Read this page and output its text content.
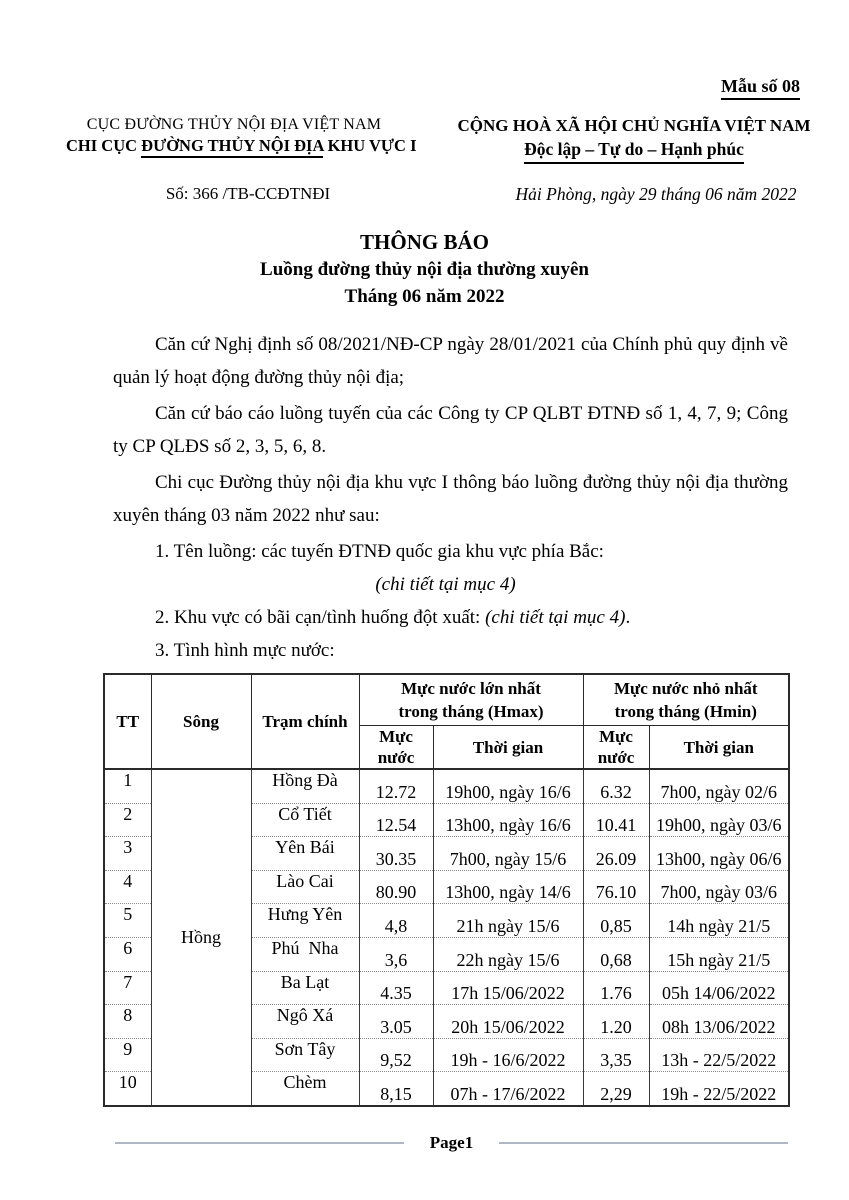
Mẫu số 08
CỤC ĐƯỜNG THỦY NỘI ĐỊA VIỆT NAM
CHI CỤC ĐƯỜNG THỦY NỘI ĐỊA KHU VỰC I
CỘNG HOÀ XÃ HỘI CHỦ NGHĨA VIỆT NAM
Độc lập – Tự do – Hạnh phúc
Số: 366 /TB-CCĐTNĐI	Hải Phòng, ngày 29 tháng 06 năm 2022
THÔNG BÁO
Luồng đường thủy nội địa thường xuyên
Tháng 06 năm 2022

Căn cứ Nghị định số 08/2021/NĐ-CP ngày 28/01/2021 của Chính phủ quy định về quản lý hoạt động đường thủy nội địa;

Căn cứ báo cáo luồng tuyến của các Công ty CP QLBT ĐTNĐ số 1, 4, 7, 9; Công ty CP QLĐS số 2, 3, 5, 6, 8.

Chi cục Đường thủy nội địa khu vực I thông báo luồng đường thủy nội địa thường xuyên tháng 03 năm 2022 như sau:

1. Tên luồng: các tuyến ĐTNĐ quốc gia khu vực phía Bắc:

(chi tiết tại mục 4)

2. Khu vực có bãi cạn/tình huống đột xuất: (chi tiết tại mục 4).

3. Tình hình mực nước:

TT	Sông	Trạm chính	
Mực nước lớn nhất
trong tháng (Hmax)

Mực nước nhỏ nhất
trong tháng (Hmin)

Mực
nước
	Thời gian	
Mực
nước
	Thời gian
1	Hồng	Hồng Đà	12.72	19h00, ngày 16/6	6.32	7h00, ngày 02/6
2		Cổ Tiết	12.54	13h00, ngày 16/6	10.41	19h00, ngày 03/6
3		Yên Bái	30.35	7h00, ngày 15/6	26.09	13h00, ngày 06/6
4		Lào Cai	80.90	13h00, ngày 14/6	76.10	7h00, ngày 03/6
5		Hưng Yên	4,8	21h ngày 15/6	0,85	14h ngày 21/5
6		Phú  Nha	3,6	22h ngày 15/6	0,68	15h ngày 21/5
7		Ba Lạt	4.35	17h 15/06/2022	1.76	05h 14/06/2022
8		Ngô Xá	3.05	20h 15/06/2022	1.20	08h 13/06/2022
9		Sơn Tây	9,52	19h - 16/6/2022	3,35	13h - 22/5/2022
10		Chèm	8,15	07h - 17/6/2022	2,29	19h - 22/5/2022
Page1
